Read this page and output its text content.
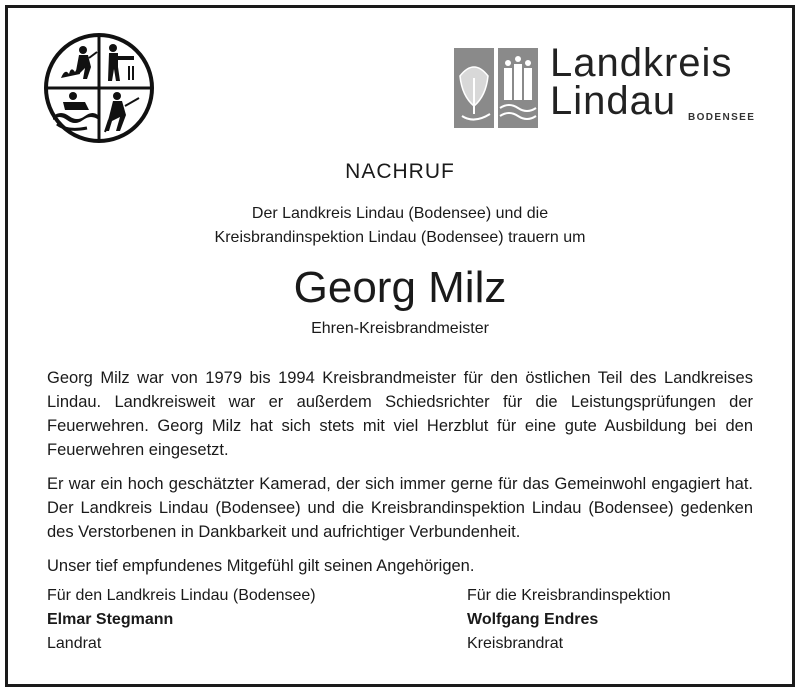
Landkreis
Lindau	BODENSEE
NACHRUF
Der Landkreis Lindau (Bodensee) und die
Kreisbrandinspektion Lindau (Bodensee) trauern um
Georg Milz
Ehren-Kreisbrandmeister

Georg Milz war von 1979 bis 1994 Kreisbrandmeister für den östlichen Teil des Landkreises Lindau. Landkreisweit war er außerdem Schiedsrichter für die Leistungsprüfungen der Feuerwehren. Georg Milz hat sich stets mit viel Herzblut für eine gute Ausbildung bei den Feuerwehren eingesetzt.

Er war ein hoch geschätzter Kamerad, der sich immer gerne für das Gemeinwohl engagiert hat. Der Landkreis Lindau (Bodensee) und die Kreisbrandinspektion Lindau (Bodensee) gedenken des Verstorbenen in Dankbarkeit und aufrichtiger Verbundenheit.

Unser tief empfundenes Mitgefühl gilt seinen Angehörigen.

Für den Landkreis Lindau (Bodensee)
Elmar Stegmann
Landrat
Für die Kreisbrandinspektion
Wolfgang Endres
Kreisbrandrat
